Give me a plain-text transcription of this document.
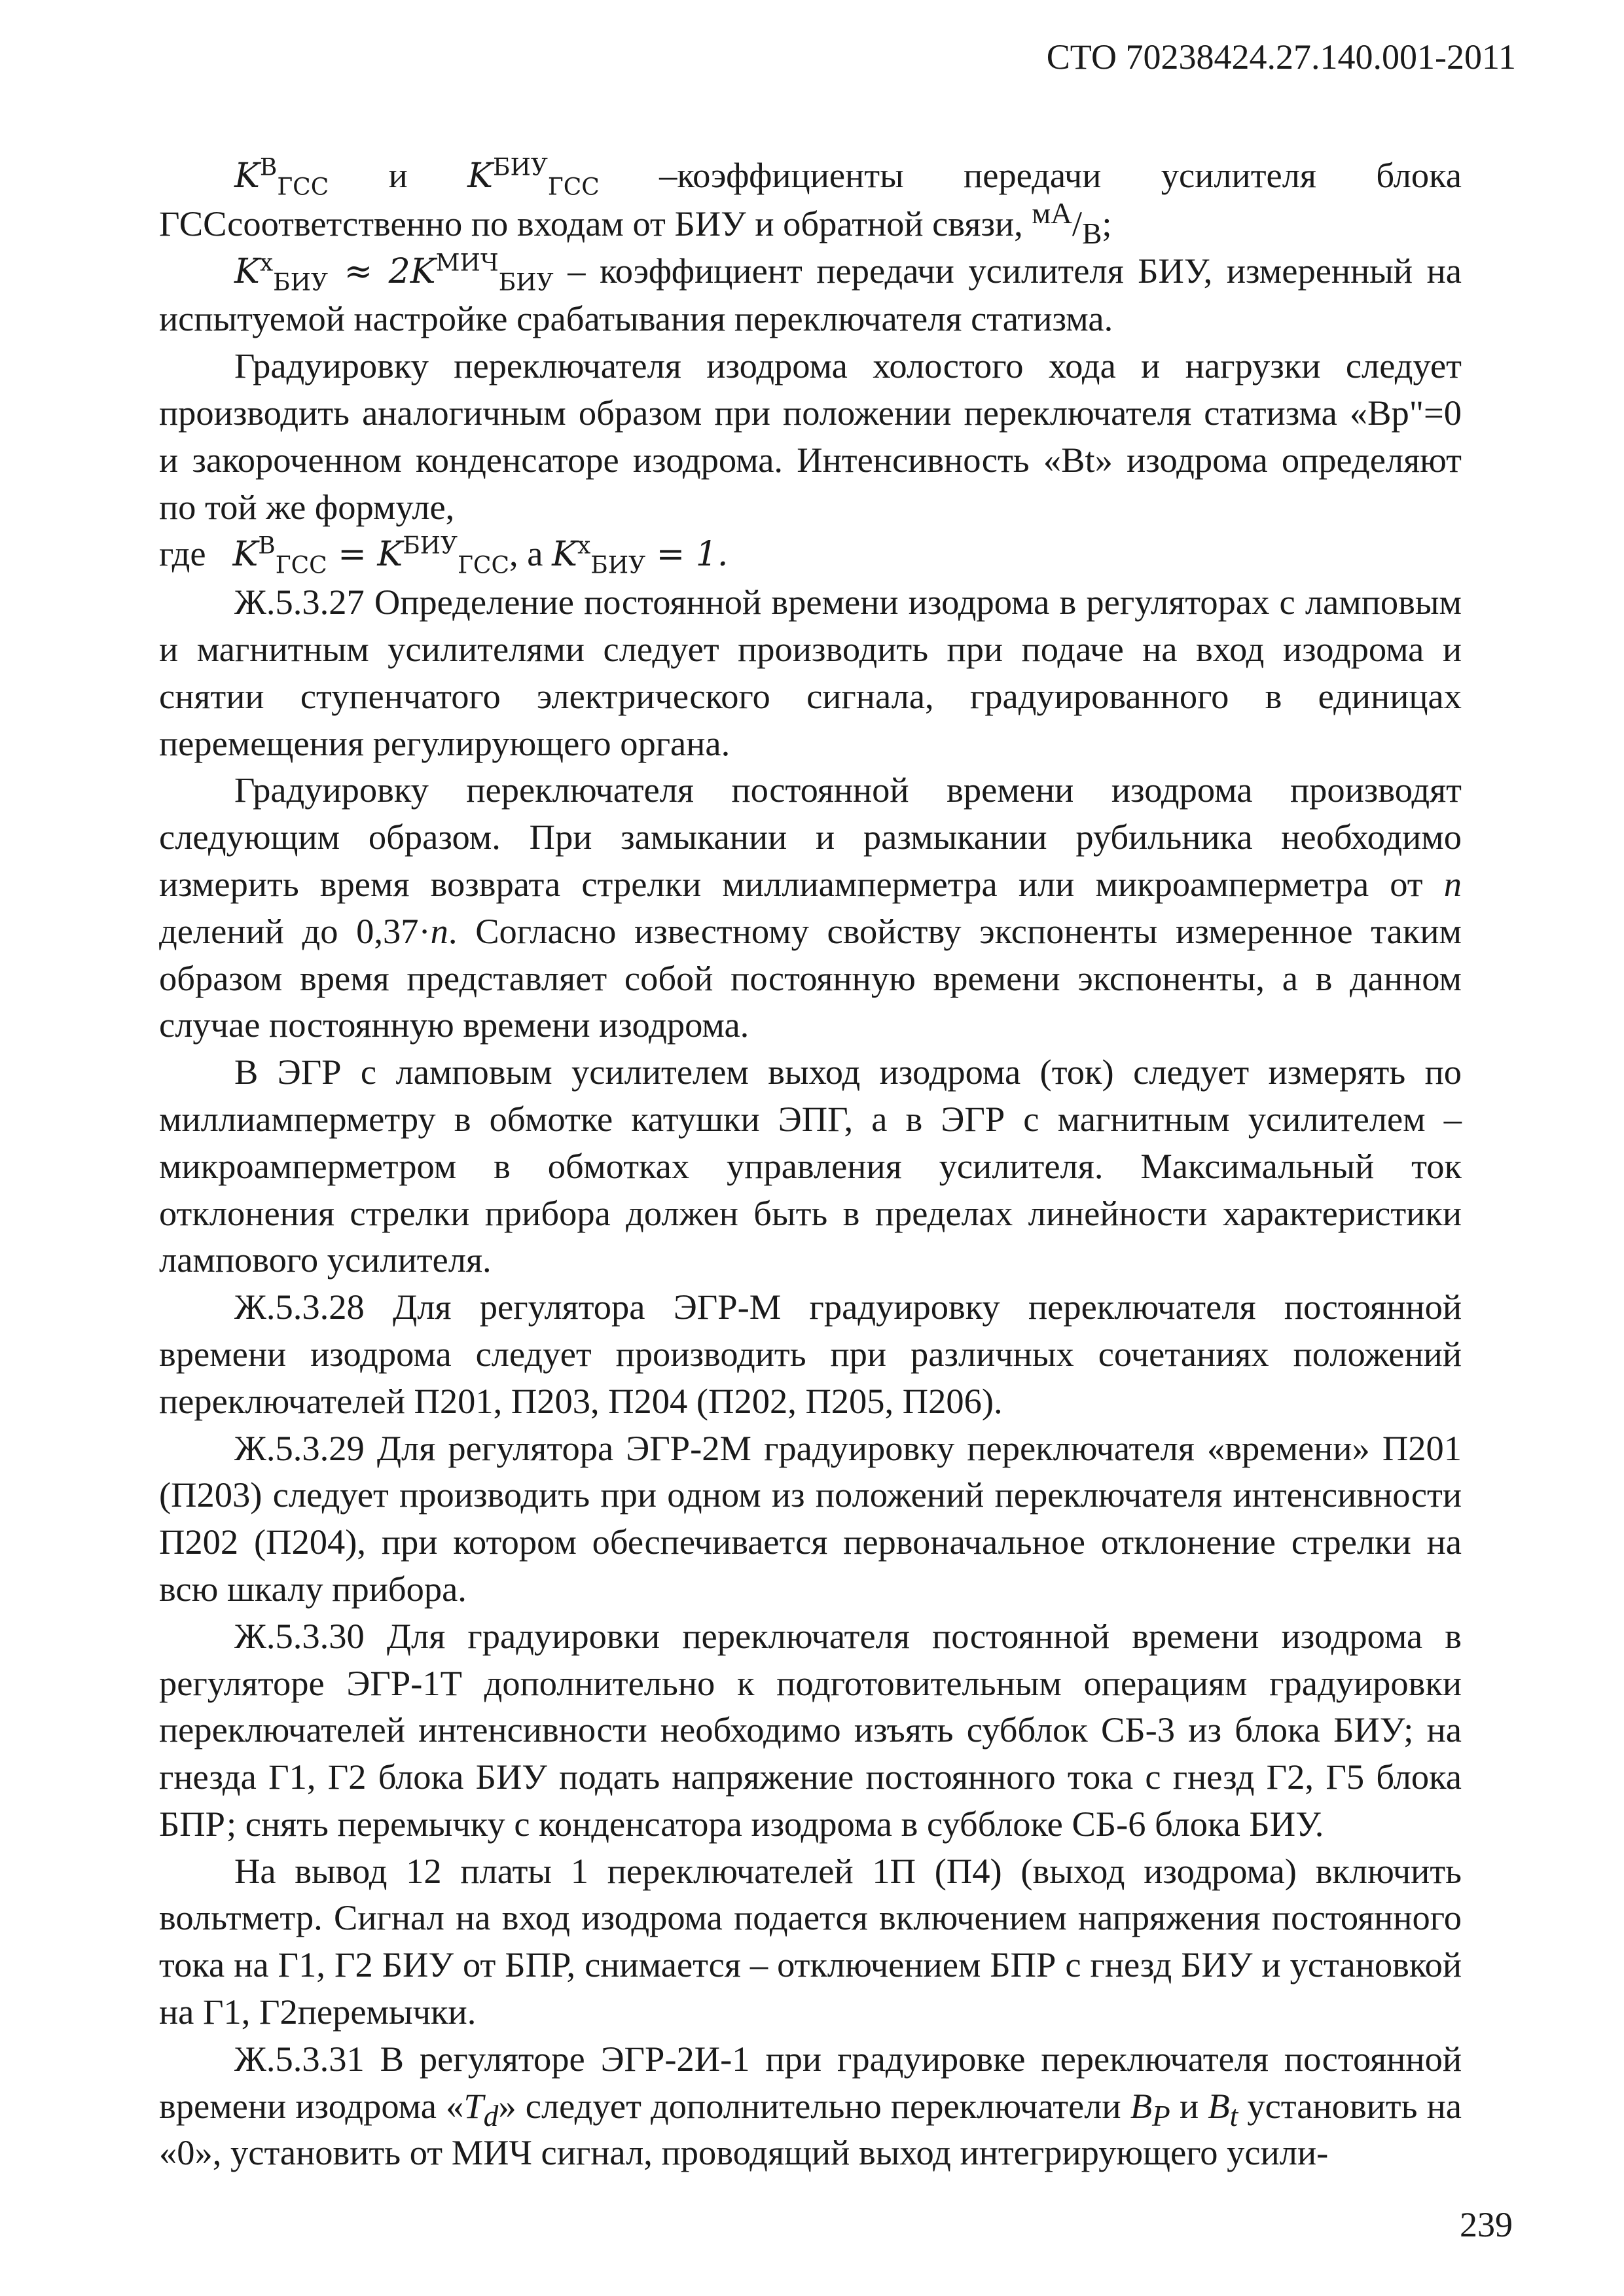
СТО 70238424.27.140.001-2011

$K^B_{ГСС}$ и $K^{БИУ}_{ГСС}$ –коэффициенты передачи усилителя блока ГССсоответственно по входам от БИУ и обратной связи, $^{мА}/_В$;

$K^x_{БИУ} \approx 2K^{МИЧ}_{БИУ}$ – коэффициент передачи усилителя БИУ, измеренный на испытуемой настройке срабатывания переключателя статизма.

Градуировку переключателя изодрома холостого хода и нагрузки следует производить аналогичным образом при положении переключателя статизма «Вр"=0 и закороченном конденсаторе изодрома. Интенсивность «Bt» изодрома определяют по той же формуле,

где $K^B_{ГСС} = K^{БИУ}_{ГСС}$, а $K^x_{БИУ} = 1$.

Ж.5.3.27 Определение постоянной времени изодрома в регуляторах с ламповым и магнитным усилителями следует производить при подаче на вход изодрома и снятии ступенчатого электрического сигнала, градуированного в единицах перемещения регулирующего органа.

Градуировку переключателя постоянной времени изодрома производят следующим образом. При замыкании и размыкании рубильника необходимо измерить время возврата стрелки миллиамперметра или микроамперметра от n делений до 0,37·n. Согласно известному свойству экспоненты измеренное таким образом время представляет собой постоянную времени экспоненты, а в данном случае постоянную времени изодрома.

В ЭГР с ламповым усилителем выход изодрома (ток) следует измерять по миллиамперметру в обмотке катушки ЭПГ, а в ЭГР с магнитным усилителем – микроамперметром в обмотках управления усилителя. Максимальный ток отклонения стрелки прибора должен быть в пределах линейности характеристики лампового усилителя.

Ж.5.3.28 Для регулятора ЭГР-М градуировку переключателя постоянной времени изодрома следует производить при различных сочетаниях положений переключателей П201, П203, П204 (П202, П205, П206).

Ж.5.3.29 Для регулятора ЭГР-2М градуировку переключателя «времени» П201 (П203) следует производить при одном из положений переключателя интенсивности П202 (П204), при котором обеспечивается первоначальное отклонение стрелки на всю шкалу прибора.

Ж.5.3.30 Для градуировки переключателя постоянной времени изодрома в регуляторе ЭГР-1Т дополнительно к подготовительным операциям градуировки переключателей интенсивности необходимо изъять субблок СБ-3 из блока БИУ; на гнезда Г1, Г2 блока БИУ подать напряжение постоянного тока с гнезд Г2, Г5 блока БПР; снять перемычку с конденсатора изодрома в субблоке СБ-6 блока БИУ.

На вывод 12 платы 1 переключателей 1П (П4) (выход изодрома) включить вольтметр. Сигнал на вход изодрома подается включением напряжения постоянного тока на Г1, Г2 БИУ от БПР, снимается – отключением БПР с гнезд БИУ и установкой на Г1, Г2перемычки.

Ж.5.3.31 В регуляторе ЭГР-2И-1 при градуировке переключателя постоянной времени изодрома «$T_d$» следует дополнительно переключатели $B_P$ и $B_t$ установить на «0», установить от МИЧ сигнал, проводящий выход интегрирующего усили-

239
